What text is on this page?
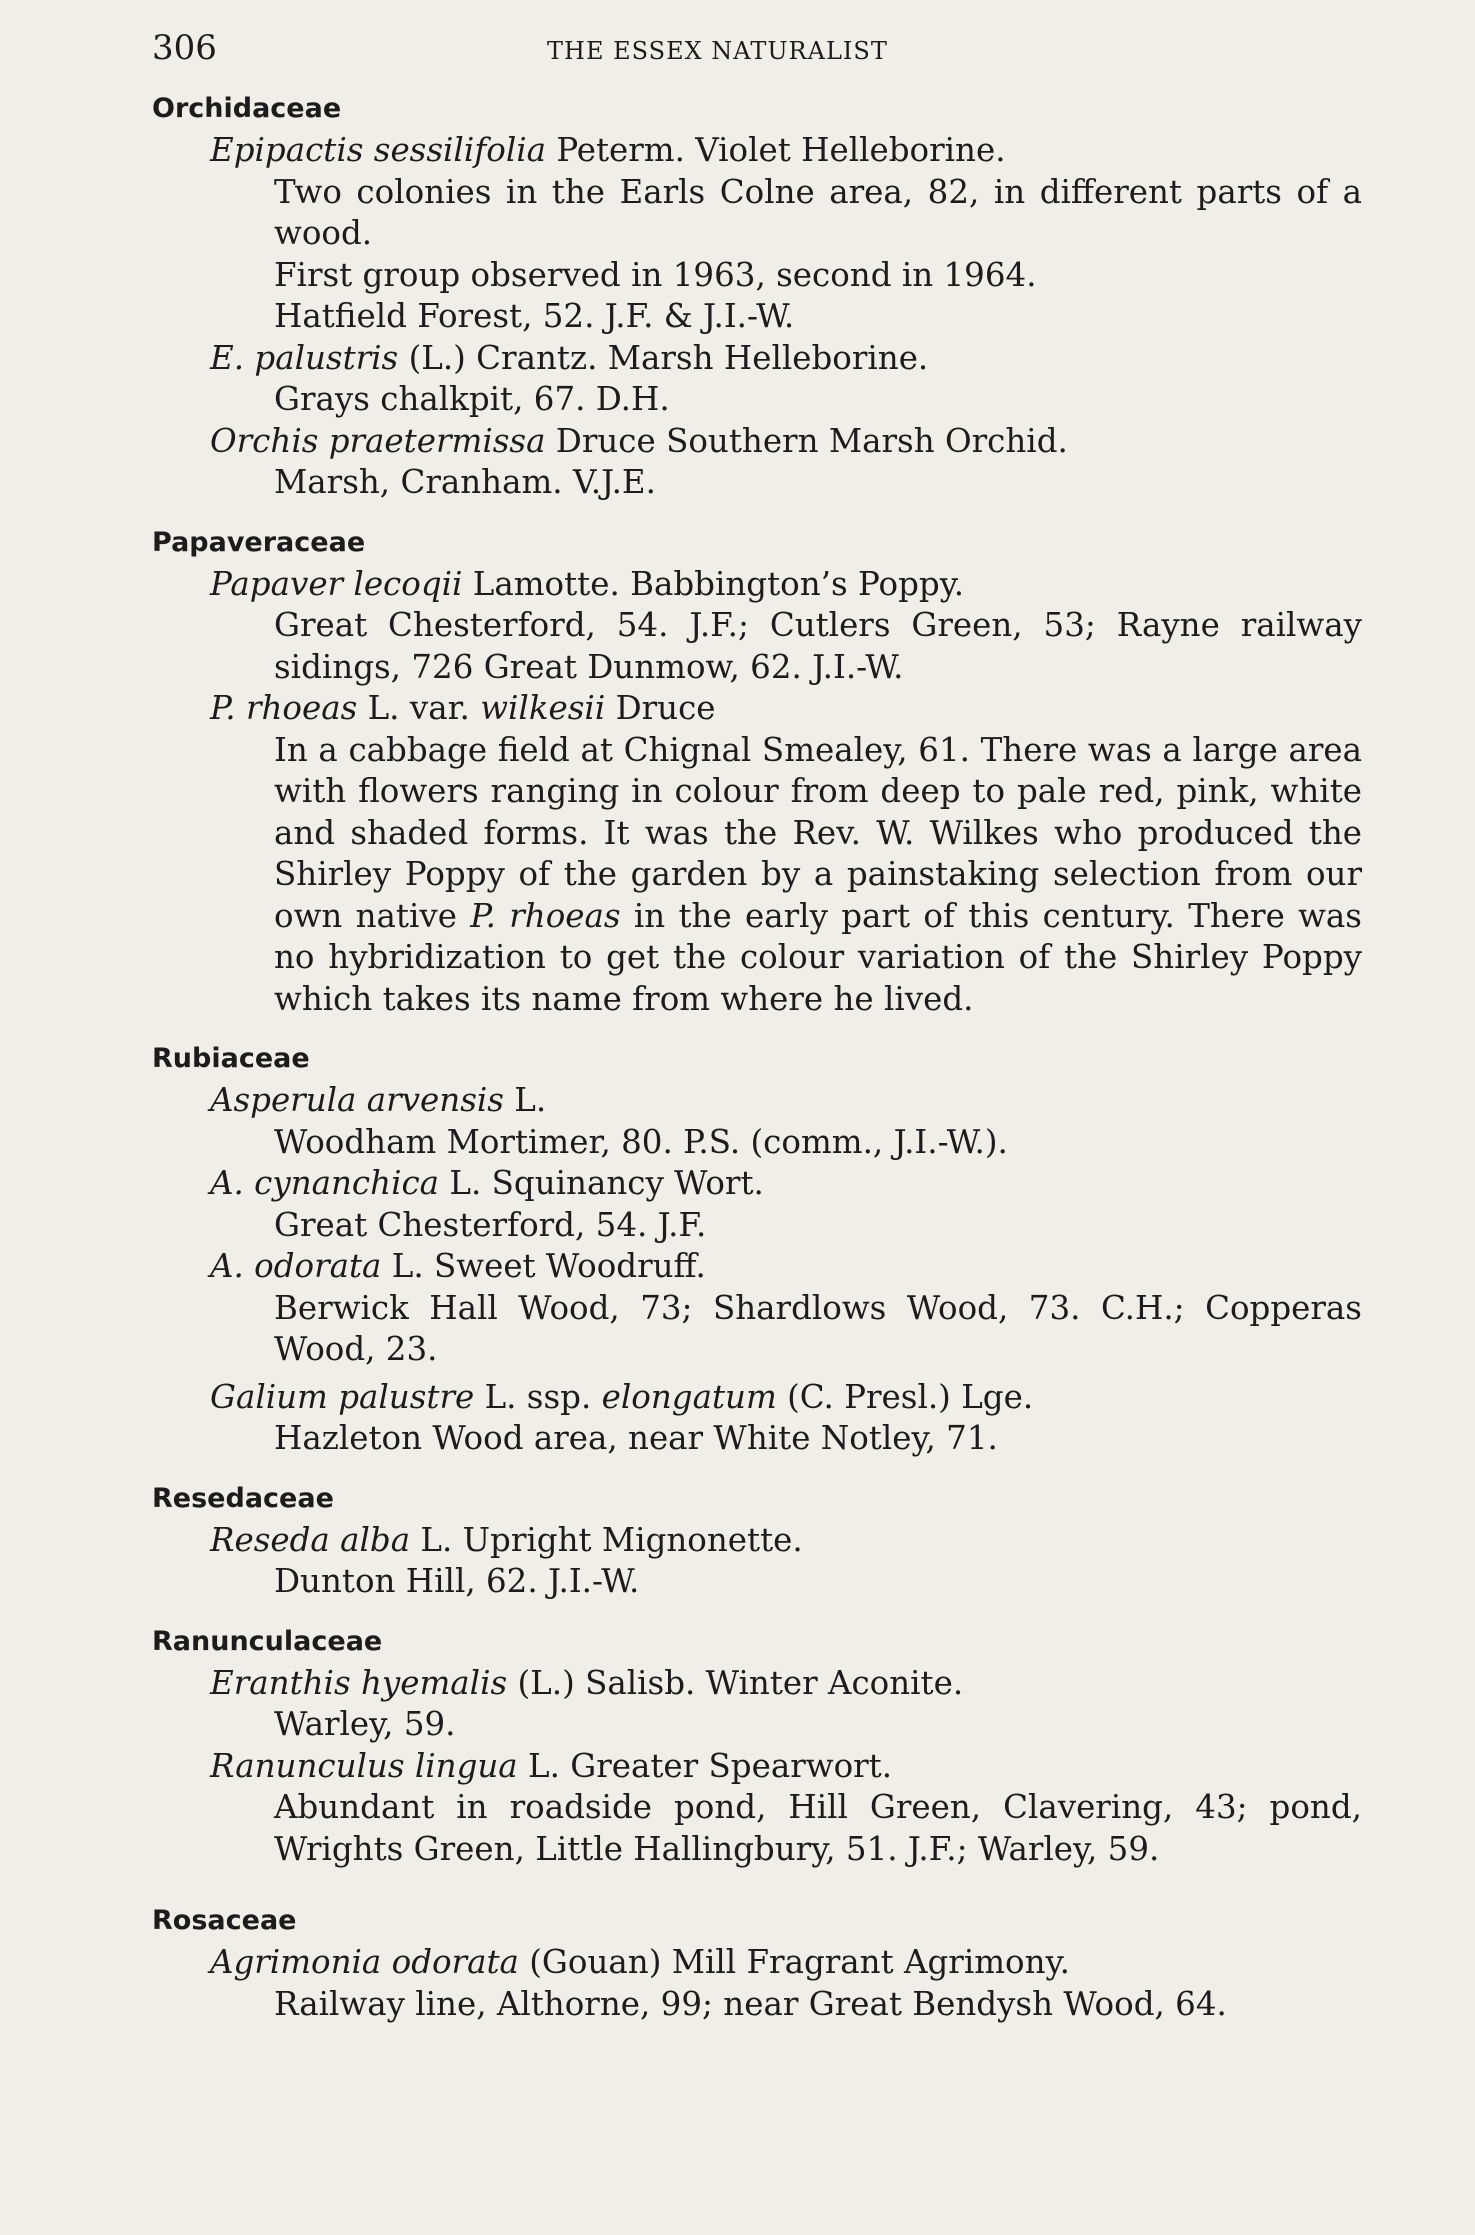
306	THE ESSEX NATURALIST
Orchidaceae
Epipactis sessilifolia Peterm. Violet Helleborine.
Two colonies in the Earls Colne area, 82, in different parts of a wood.
First group observed in 1963, second in 1964.
Hatfield Forest, 52. J.F. & J.I.-W.
E. palustris (L.) Crantz. Marsh Helleborine.
Grays chalkpit, 67. D.H.
Orchis praetermissa Druce Southern Marsh Orchid.
Marsh, Cranham. V.J.E.
Papaveraceae
Papaver lecoqii Lamotte. Babbington’s Poppy.
Great Chesterford, 54. J.F.; Cutlers Green, 53; Rayne railway sidings, 726 Great Dunmow, 62. J.I.-W.
P. rhoeas L. var. wilkesii Druce
In a cabbage field at Chignal Smealey, 61. There was a large area with flowers ranging in colour from deep to pale red, pink, white and shaded forms. It was the Rev. W. Wilkes who produced the Shirley Poppy of the garden by a painstaking selection from our own native P. rhoeas in the early part of this century. There was no hybridization to get the colour variation of the Shirley Poppy which takes its name from where he lived.
Rubiaceae
Asperula arvensis L.
Woodham Mortimer, 80. P.S. (comm., J.I.-W.).
A. cynanchica L. Squinancy Wort.
Great Chesterford, 54. J.F.
A. odorata L. Sweet Woodruff.
Berwick Hall Wood, 73; Shardlows Wood, 73. C.H.; Copperas Wood, 23.
Galium palustre L. ssp. elongatum (C. Presl.) Lge.
Hazleton Wood area, near White Notley, 71.
Resedaceae
Reseda alba L. Upright Mignonette.
Dunton Hill, 62. J.I.-W.
Ranunculaceae
Eranthis hyemalis (L.) Salisb. Winter Aconite.
Warley, 59.
Ranunculus lingua L. Greater Spearwort.
Abundant in roadside pond, Hill Green, Clavering, 43; pond, Wrights Green, Little Hallingbury, 51. J.F.; Warley, 59.
Rosaceae
Agrimonia odorata (Gouan) Mill Fragrant Agrimony.
Railway line, Althorne, 99; near Great Bendysh Wood, 64.
